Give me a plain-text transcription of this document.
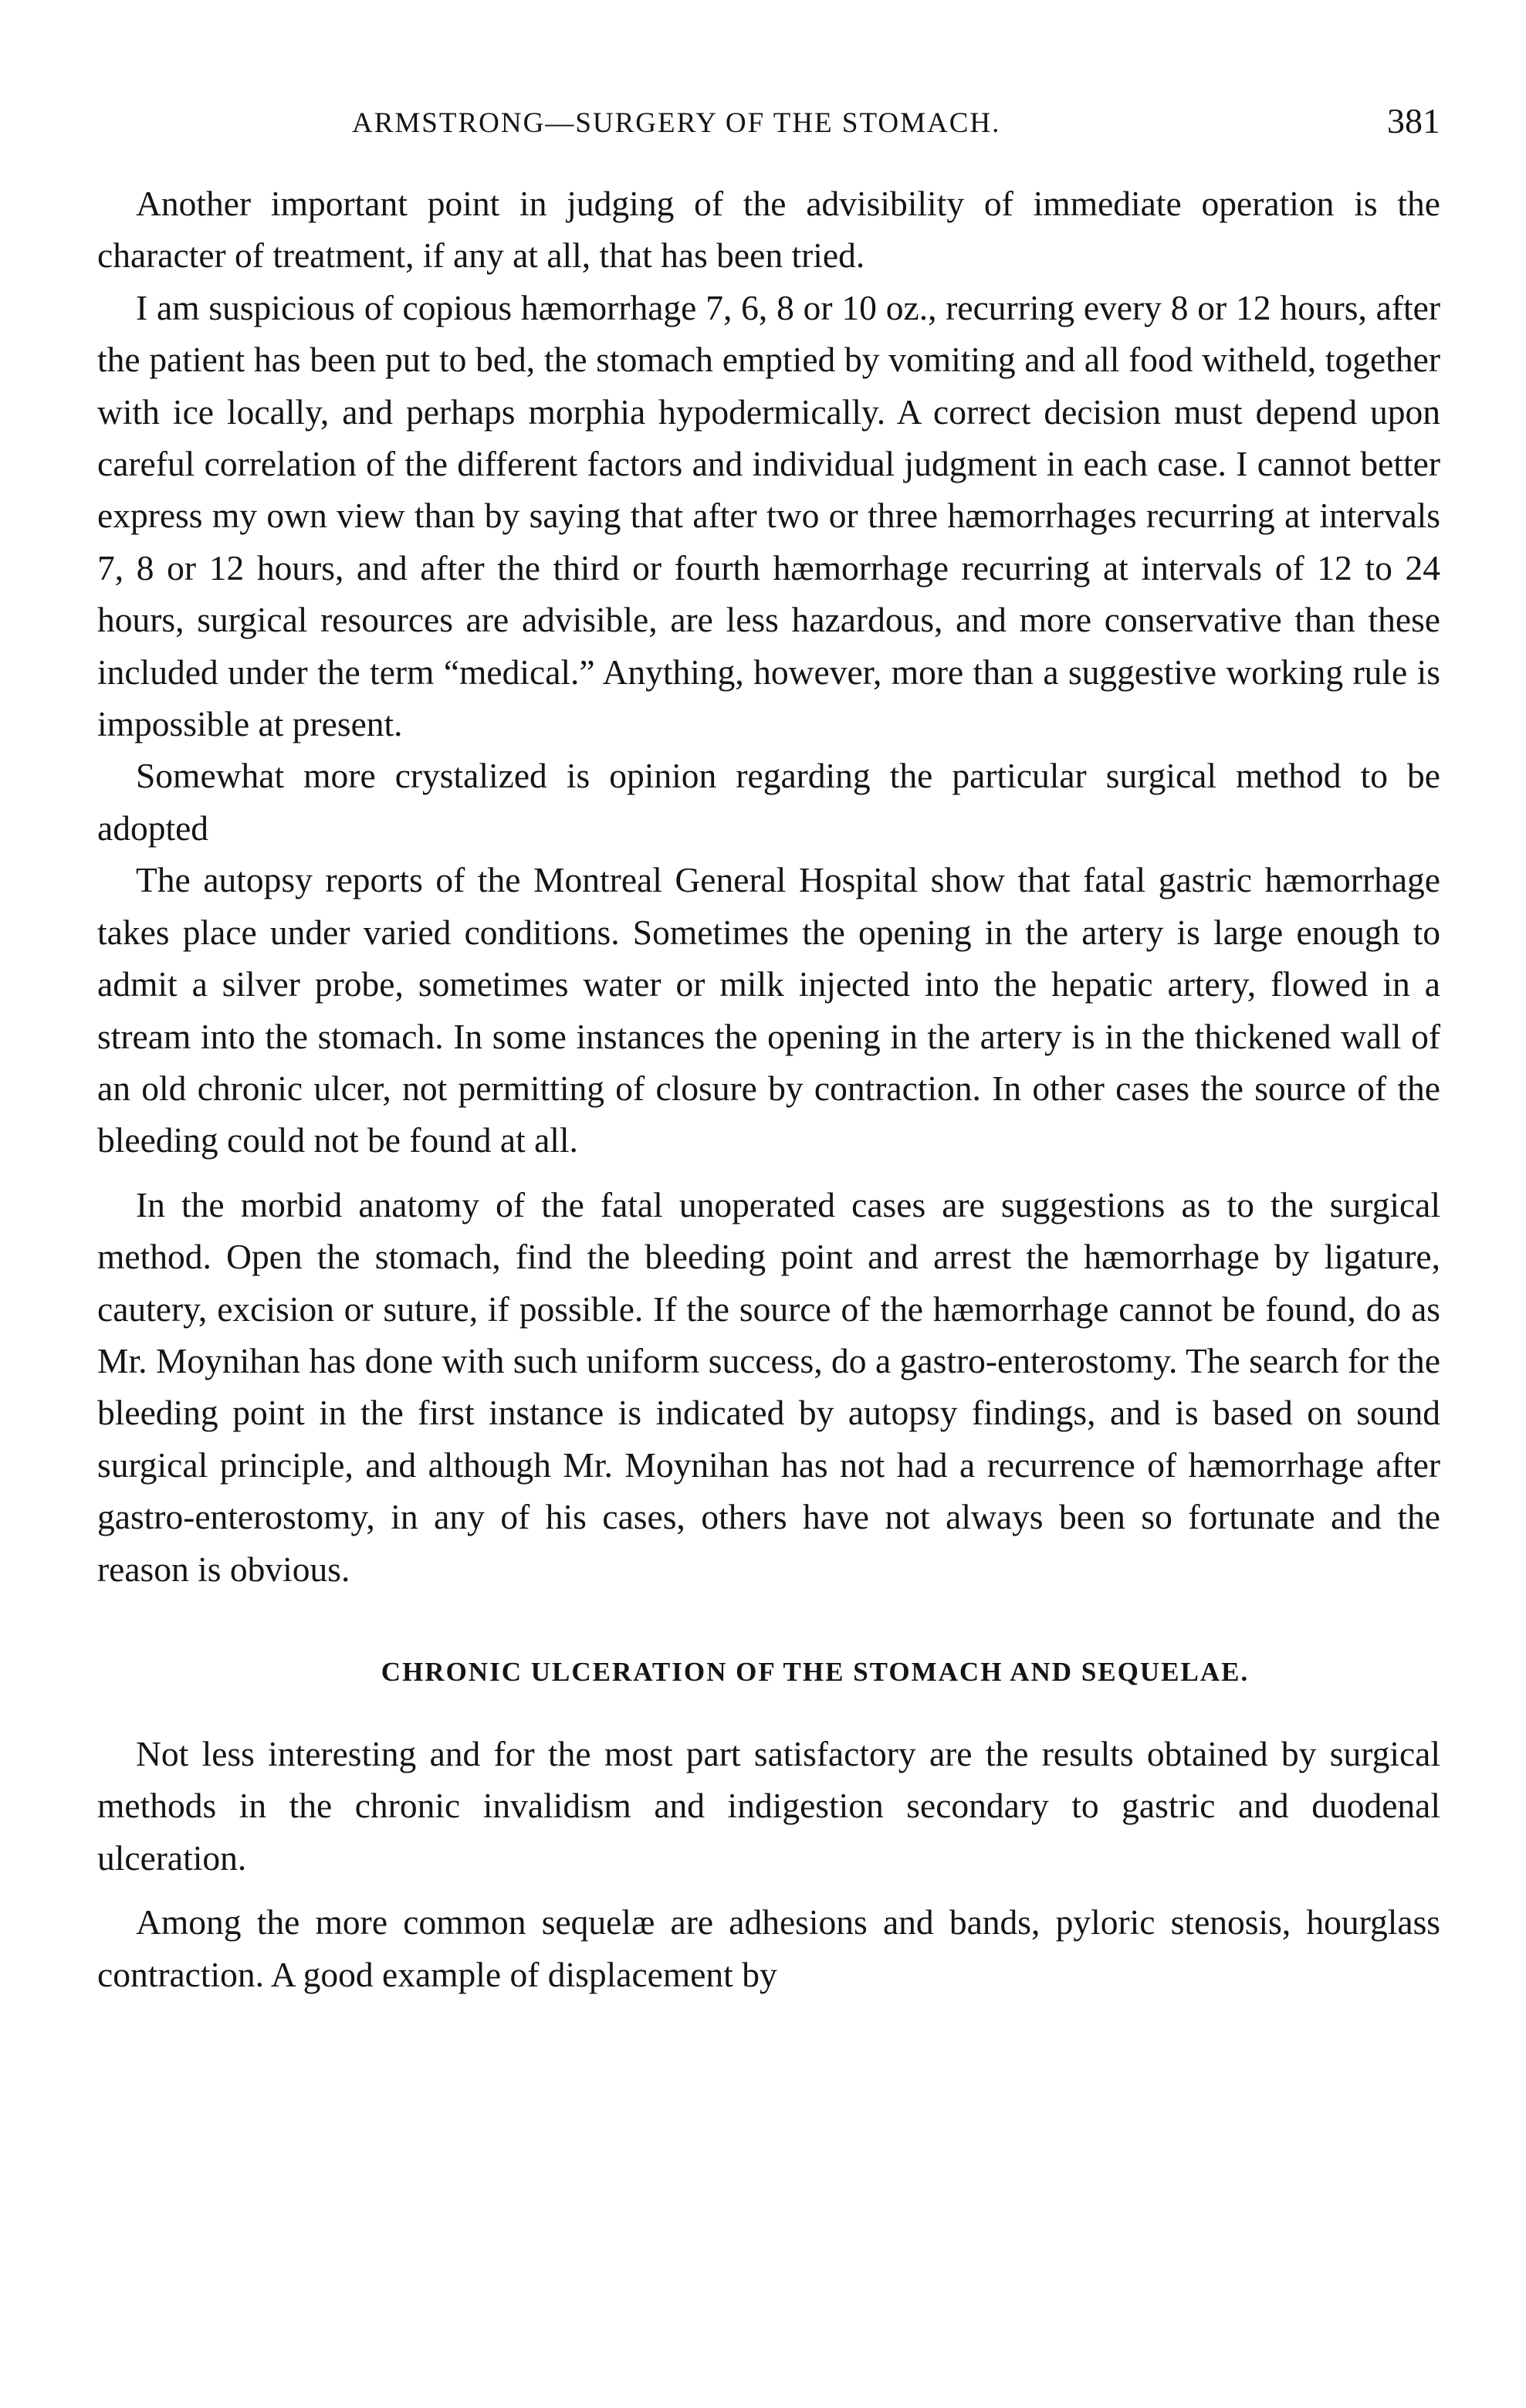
ARMSTRONG—SURGERY OF THE STOMACH.	381

Another important point in judging of the advisibility of immediate operation is the character of treatment, if any at all, that has been tried.

I am suspicious of copious hæmorrhage 7, 6, 8 or 10 oz., recurring every 8 or 12 hours, after the patient has been put to bed, the stomach emptied by vomiting and all food witheld, together with ice locally, and perhaps morphia hypodermically. A correct decision must depend upon careful correlation of the different factors and individual judgment in each case. I cannot better express my own view than by saying that after two or three hæmorrhages recurring at intervals 7, 8 or 12 hours, and after the third or fourth hæmorrhage recurring at intervals of 12 to 24 hours, surgical resources are advisible, are less hazardous, and more conservative than these included under the term “medical.” Anything, however, more than a suggestive working rule is impossible at present.

Somewhat more crystalized is opinion regarding the particular surgical method to be adopted

The autopsy reports of the Montreal General Hospital show that fatal gastric hæmorrhage takes place under varied conditions. Sometimes the opening in the artery is large enough to admit a silver probe, sometimes water or milk injected into the hepatic artery, flowed in a stream into the stomach. In some instances the opening in the artery is in the thickened wall of an old chronic ulcer, not permitting of closure by contraction. In other cases the source of the bleeding could not be found at all.

In the morbid anatomy of the fatal unoperated cases are suggestions as to the surgical method. Open the stomach, find the bleeding point and arrest the hæmorrhage by ligature, cautery, excision or suture, if possible. If the source of the hæmorrhage cannot be found, do as Mr. Moynihan has done with such uniform success, do a gastro-enterostomy. The search for the bleeding point in the first instance is indicated by autopsy findings, and is based on sound surgical principle, and although Mr. Moynihan has not had a recurrence of hæmorrhage after gastro-enterostomy, in any of his cases, others have not always been so fortunate and the reason is obvious.

CHRONIC ULCERATION OF THE STOMACH AND SEQUELAE.

Not less interesting and for the most part satisfactory are the results obtained by surgical methods in the chronic invalidism and indigestion secondary to gastric and duodenal ulceration.

Among the more common sequelæ are adhesions and bands, pyloric stenosis, hourglass contraction. A good example of displacement by
